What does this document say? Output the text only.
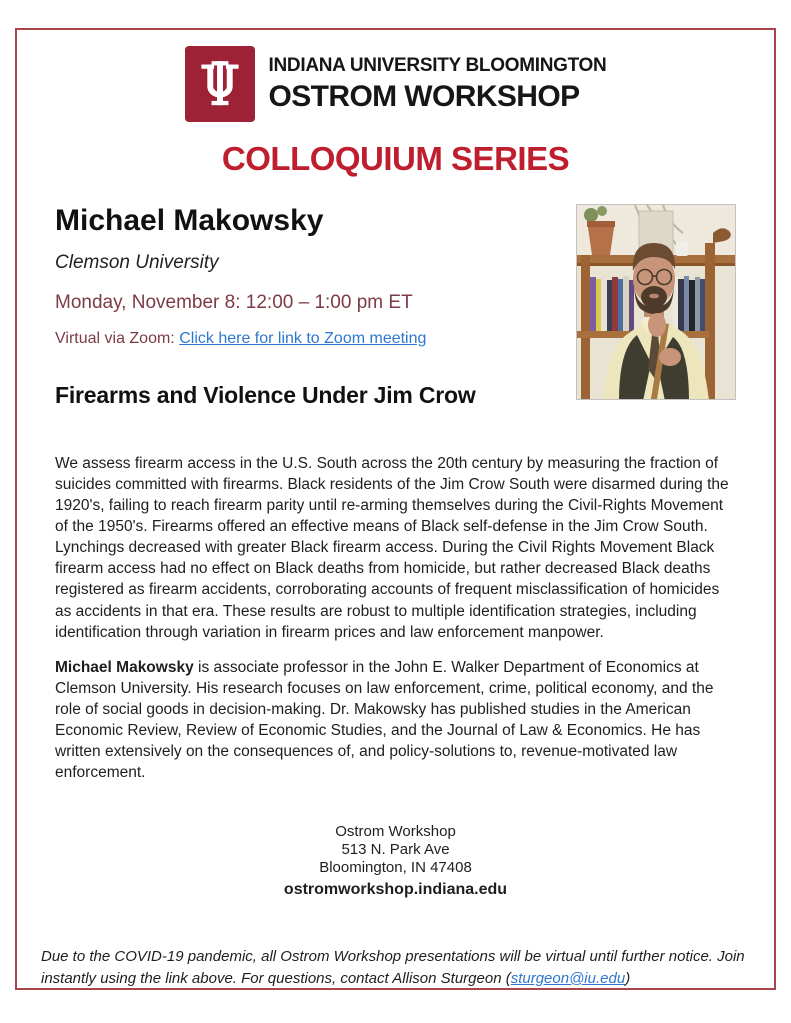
INDIANA UNIVERSITY BLOOMINGTON
OSTROM WORKSHOP
COLLOQUIUM SERIES
Michael Makowsky
Clemson University
Monday, November 8: 12:00 – 1:00 pm ET
Virtual via Zoom: Click here for link to Zoom meeting
Firearms and Violence Under Jim Crow

We assess firearm access in the U.S. South across the 20th century by measuring the fraction of suicides committed with firearms. Black residents of the Jim Crow South were disarmed during the 1920's, failing to reach firearm parity until re-arming themselves during the Civil-Rights Movement of the 1950's. Firearms offered an effective means of Black self-defense in the Jim Crow South. Lynchings decreased with greater Black firearm access. During the Civil Rights Movement Black firearm access had no effect on Black deaths from homicide, but rather decreased Black deaths registered as firearm accidents, corroborating accounts of frequent misclassification of homicides as accidents in that era. These results are robust to multiple identification strategies, including identification through variation in firearm prices and law enforcement manpower.

Michael Makowsky is associate professor in the John E. Walker Department of Economics at Clemson University. His research focuses on law enforcement, crime, political economy, and the role of social goods in decision-making. Dr. Makowsky has published studies in the American Economic Review, Review of Economic Studies, and the Journal of Law & Economics. He has written extensively on the consequences of, and policy-solutions to, revenue-motivated law enforcement.

Ostrom Workshop
513 N. Park Ave
Bloomington, IN 47408
ostromworkshop.indiana.edu
Due to the COVID-19 pandemic, all Ostrom Workshop presentations will be virtual until further notice. Join instantly using the link above. For questions, contact Allison Sturgeon (sturgeon@iu.edu)
